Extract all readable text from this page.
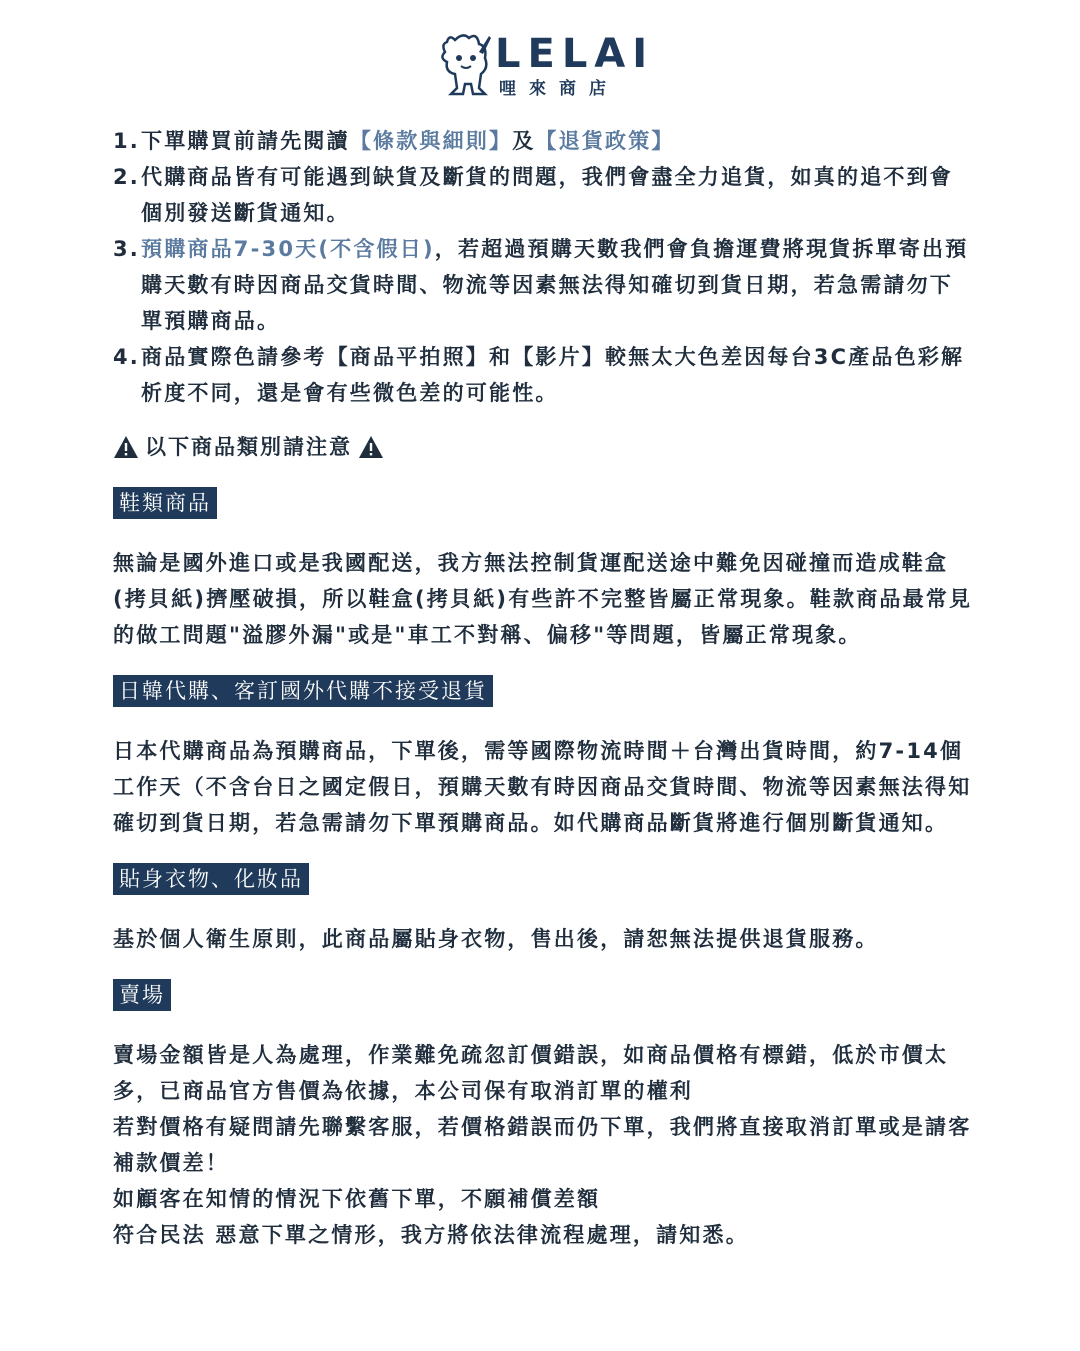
LELAI
哩來商店
1. 下單購買前請先閱讀【條款與細則】及【退貨政策】
2. 代購商品皆有可能遇到缺貨及斷貨的問題，我們會盡全力追貨，如真的追不到會個別發送斷貨通知。
3. 預購商品7-30天(不含假日)，若超過預購天數我們會負擔運費將現貨拆單寄出預購天數有時因商品交貨時間、物流等因素無法得知確切到貨日期，若急需請勿下單預購商品。
4. 商品實際色請參考【商品平拍照】和【影片】較無太大色差因每台3C產品色彩解析度不同，還是會有些微色差的可能性。
以下商品類別請注意
鞋類商品

無論是國外進口或是我國配送，我方無法控制貨運配送途中難免因碰撞而造成鞋盒(拷貝紙)擠壓破損，所以鞋盒(拷貝紙)有些許不完整皆屬正常現象。鞋款商品最常見的做工問題"溢膠外漏"或是"車工不對稱、偏移"等問題，皆屬正常現象。

日韓代購、客訂國外代購不接受退貨

日本代購商品為預購商品，下單後，需等國際物流時間＋台灣出貨時間，約7-14個工作天（不含台日之國定假日，預購天數有時因商品交貨時間、物流等因素無法得知確切到貨日期，若急需請勿下單預購商品。如代購商品斷貨將進行個別斷貨通知。

貼身衣物、化妝品

基於個人衛生原則，此商品屬貼身衣物，售出後，請恕無法提供退貨服務。

賣場

賣場金額皆是人為處理，作業難免疏忽訂價錯誤，如商品價格有標錯，低於市價太多，已商品官方售價為依據，本公司保有取消訂單的權利

若對價格有疑問請先聯繫客服，若價格錯誤而仍下單，我們將直接取消訂單或是請客補款價差！

如顧客在知情的情況下依舊下單，不願補償差額

符合民法 惡意下單之情形，我方將依法律流程處理，請知悉。
